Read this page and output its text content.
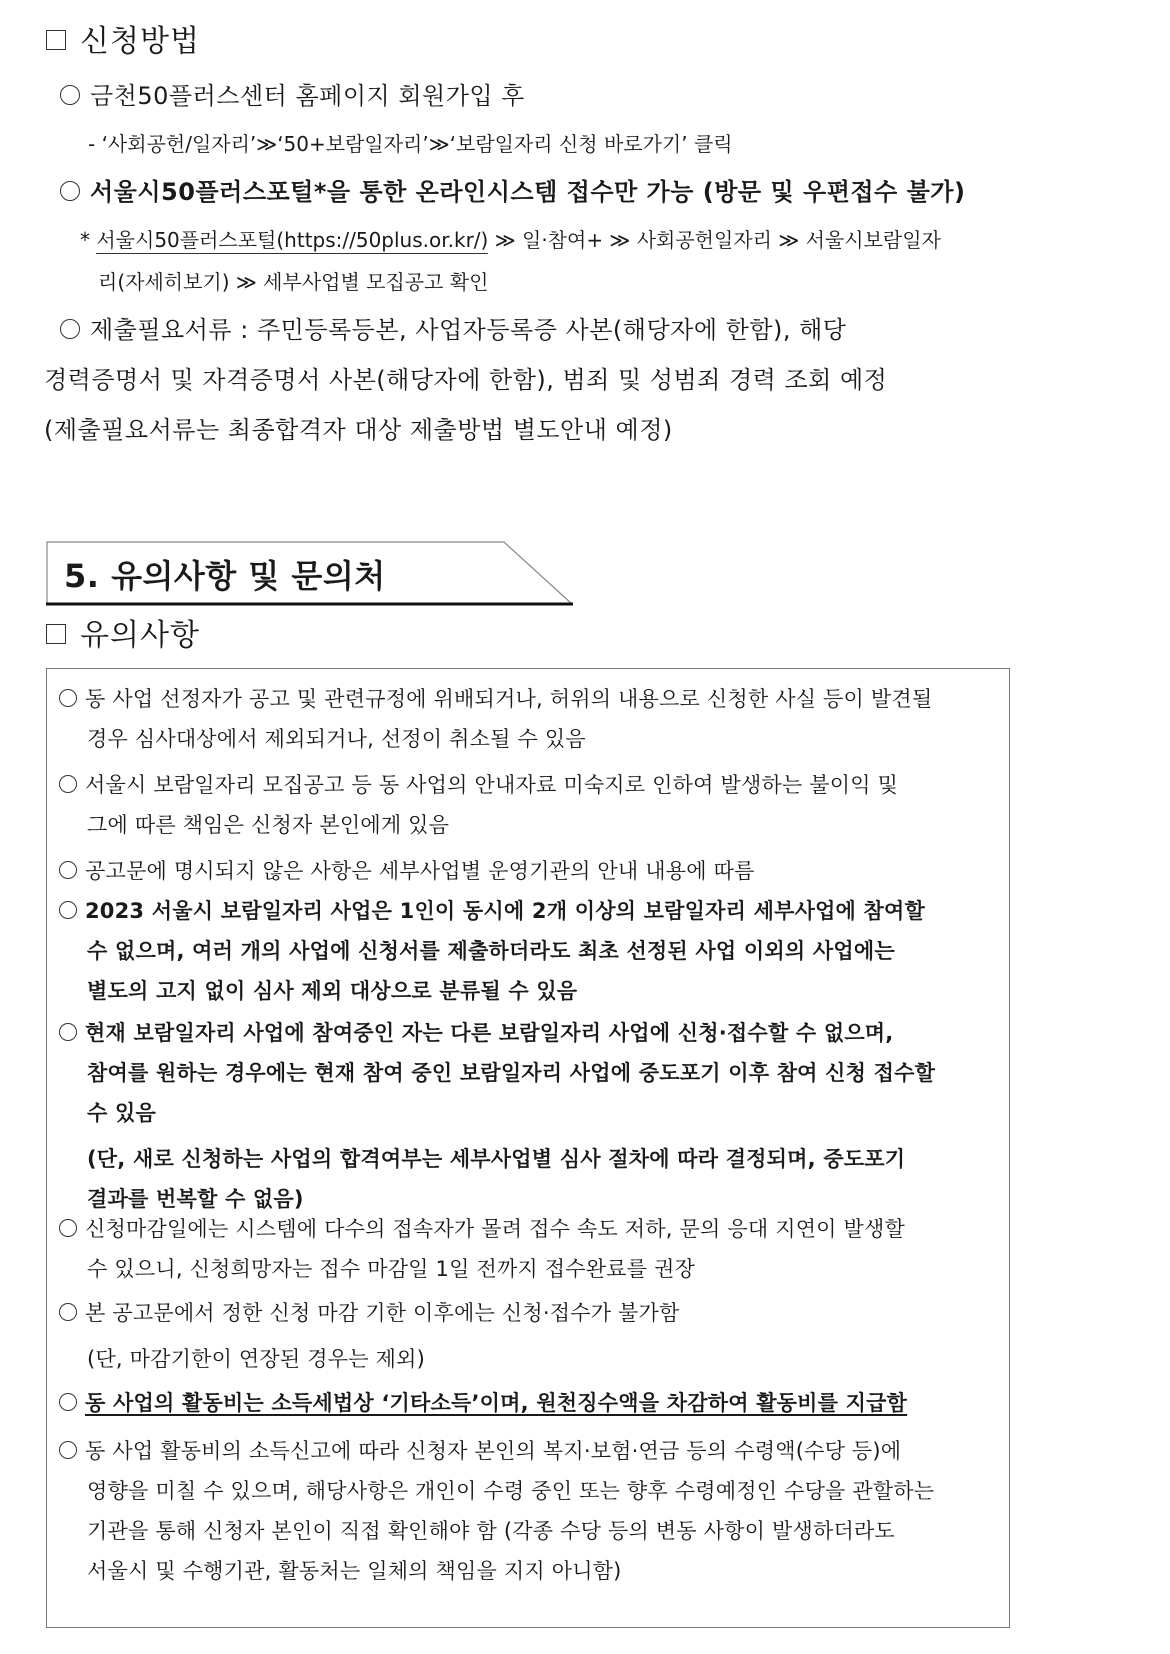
신청방법
금천50플러스센터 홈페이지 회원가입 후
- ‘사회공헌/일자리’≫‘50+보람일자리’≫‘보람일자리 신청 바로가기’ 클릭
서울시50플러스포털*을 통한 온라인시스템 접수만 가능 (방문 및 우편접수 불가)
* 서울시50플러스포털(https://50plus.or.kr/) ≫ 일·참여+ ≫ 사회공헌일자리 ≫ 서울시보람일자
리(자세히보기) ≫ 세부사업별 모집공고 확인
제출필요서류 : 주민등록등본, 사업자등록증 사본(해당자에 한함), 해당
경력증명서 및 자격증명서 사본(해당자에 한함), 범죄 및 성범죄 경력 조회 예정
(제출필요서류는 최종합격자 대상 제출방법 별도안내 예정)
5. 유의사항 및 문의처
유의사항
동 사업 선정자가 공고 및 관련규정에 위배되거나, 허위의 내용으로 신청한 사실 등이 발견될
경우 심사대상에서 제외되거나, 선정이 취소될 수 있음
서울시 보람일자리 모집공고 등 동 사업의 안내자료 미숙지로 인하여 발생하는 불이익 및
그에 따른 책임은 신청자 본인에게 있음
공고문에 명시되지 않은 사항은 세부사업별 운영기관의 안내 내용에 따름
2023 서울시 보람일자리 사업은 1인이 동시에 2개 이상의 보람일자리 세부사업에 참여할
수 없으며, 여러 개의 사업에 신청서를 제출하더라도 최초 선정된 사업 이외의 사업에는
별도의 고지 없이 심사 제외 대상으로 분류될 수 있음
현재 보람일자리 사업에 참여중인 자는 다른 보람일자리 사업에 신청·접수할 수 없으며,
참여를 원하는 경우에는 현재 참여 중인 보람일자리 사업에 중도포기 이후 참여 신청 접수할
수 있음
(단, 새로 신청하는 사업의 합격여부는 세부사업별 심사 절차에 따라 결정되며, 중도포기
결과를 번복할 수 없음)
신청마감일에는 시스템에 다수의 접속자가 몰려 접수 속도 저하, 문의 응대 지연이 발생할
수 있으니, 신청희망자는 접수 마감일 1일 전까지 접수완료를 권장
본 공고문에서 정한 신청 마감 기한 이후에는 신청·접수가 불가함
(단, 마감기한이 연장된 경우는 제외)
동 사업의 활동비는 소득세법상 ‘기타소득’이며, 원천징수액을 차감하여 활동비를 지급함
동 사업 활동비의 소득신고에 따라 신청자 본인의 복지·보험·연금 등의 수령액(수당 등)에
영향을 미칠 수 있으며, 해당사항은 개인이 수령 중인 또는 향후 수령예정인 수당을 관할하는
기관을 통해 신청자 본인이 직접 확인해야 함 (각종 수당 등의 변동 사항이 발생하더라도
서울시 및 수행기관, 활동처는 일체의 책임을 지지 아니함)
